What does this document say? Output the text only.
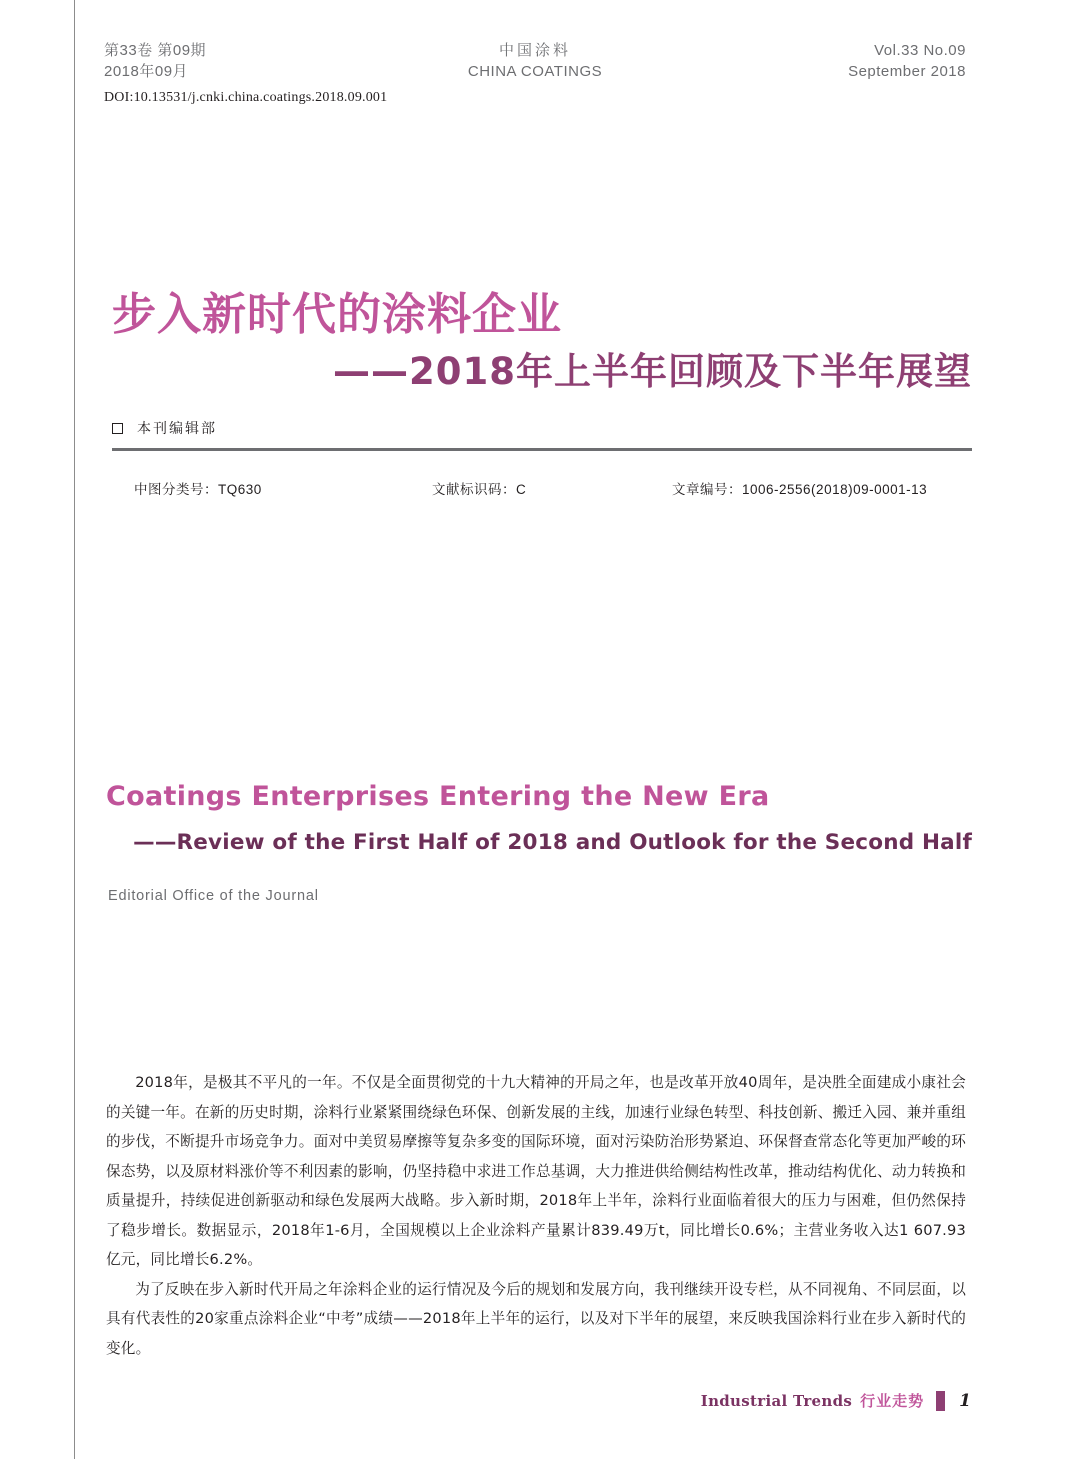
第33卷 第09期
2018年09月
中国涂料
CHINA COATINGS
Vol.33 No.09
September 2018
DOI:10.13531/j.cnki.china.coatings.2018.09.001
步入新时代的涂料企业
——2018年上半年回顾及下半年展望
本刊编辑部
中图分类号：TQ630	文献标识码：C	文章编号：1006-2556(2018)09-0001-13
Coatings Enterprises Entering the New Era
——Review of the First Half of 2018 and Outlook for the Second Half
Editorial Office of the Journal

2018年，是极其不平凡的一年。不仅是全面贯彻党的十九大精神的开局之年，也是改革开放40周年，是决胜全面建成小康社会的关键一年。在新的历史时期，涂料行业紧紧围绕绿色环保、创新发展的主线，加速行业绿色转型、科技创新、搬迁入园、兼并重组的步伐，不断提升市场竞争力。面对中美贸易摩擦等复杂多变的国际环境，面对污染防治形势紧迫、环保督查常态化等更加严峻的环保态势，以及原材料涨价等不利因素的影响，仍坚持稳中求进工作总基调，大力推进供给侧结构性改革，推动结构优化、动力转换和质量提升，持续促进创新驱动和绿色发展两大战略。步入新时期，2018年上半年，涂料行业面临着很大的压力与困难，但仍然保持了稳步增长。数据显示，2018年1-6月，全国规模以上企业涂料产量累计839.49万t，同比增长0.6%；主营业务收入达1 607.93亿元，同比增长6.2%。

为了反映在步入新时代开局之年涂料企业的运行情况及今后的规划和发展方向，我刊继续开设专栏，从不同视角、不同层面，以具有代表性的20家重点涂料企业“中考”成绩——2018年上半年的运行，以及对下半年的展望，来反映我国涂料行业在步入新时代的变化。

Industrial Trends 行业走势 1
